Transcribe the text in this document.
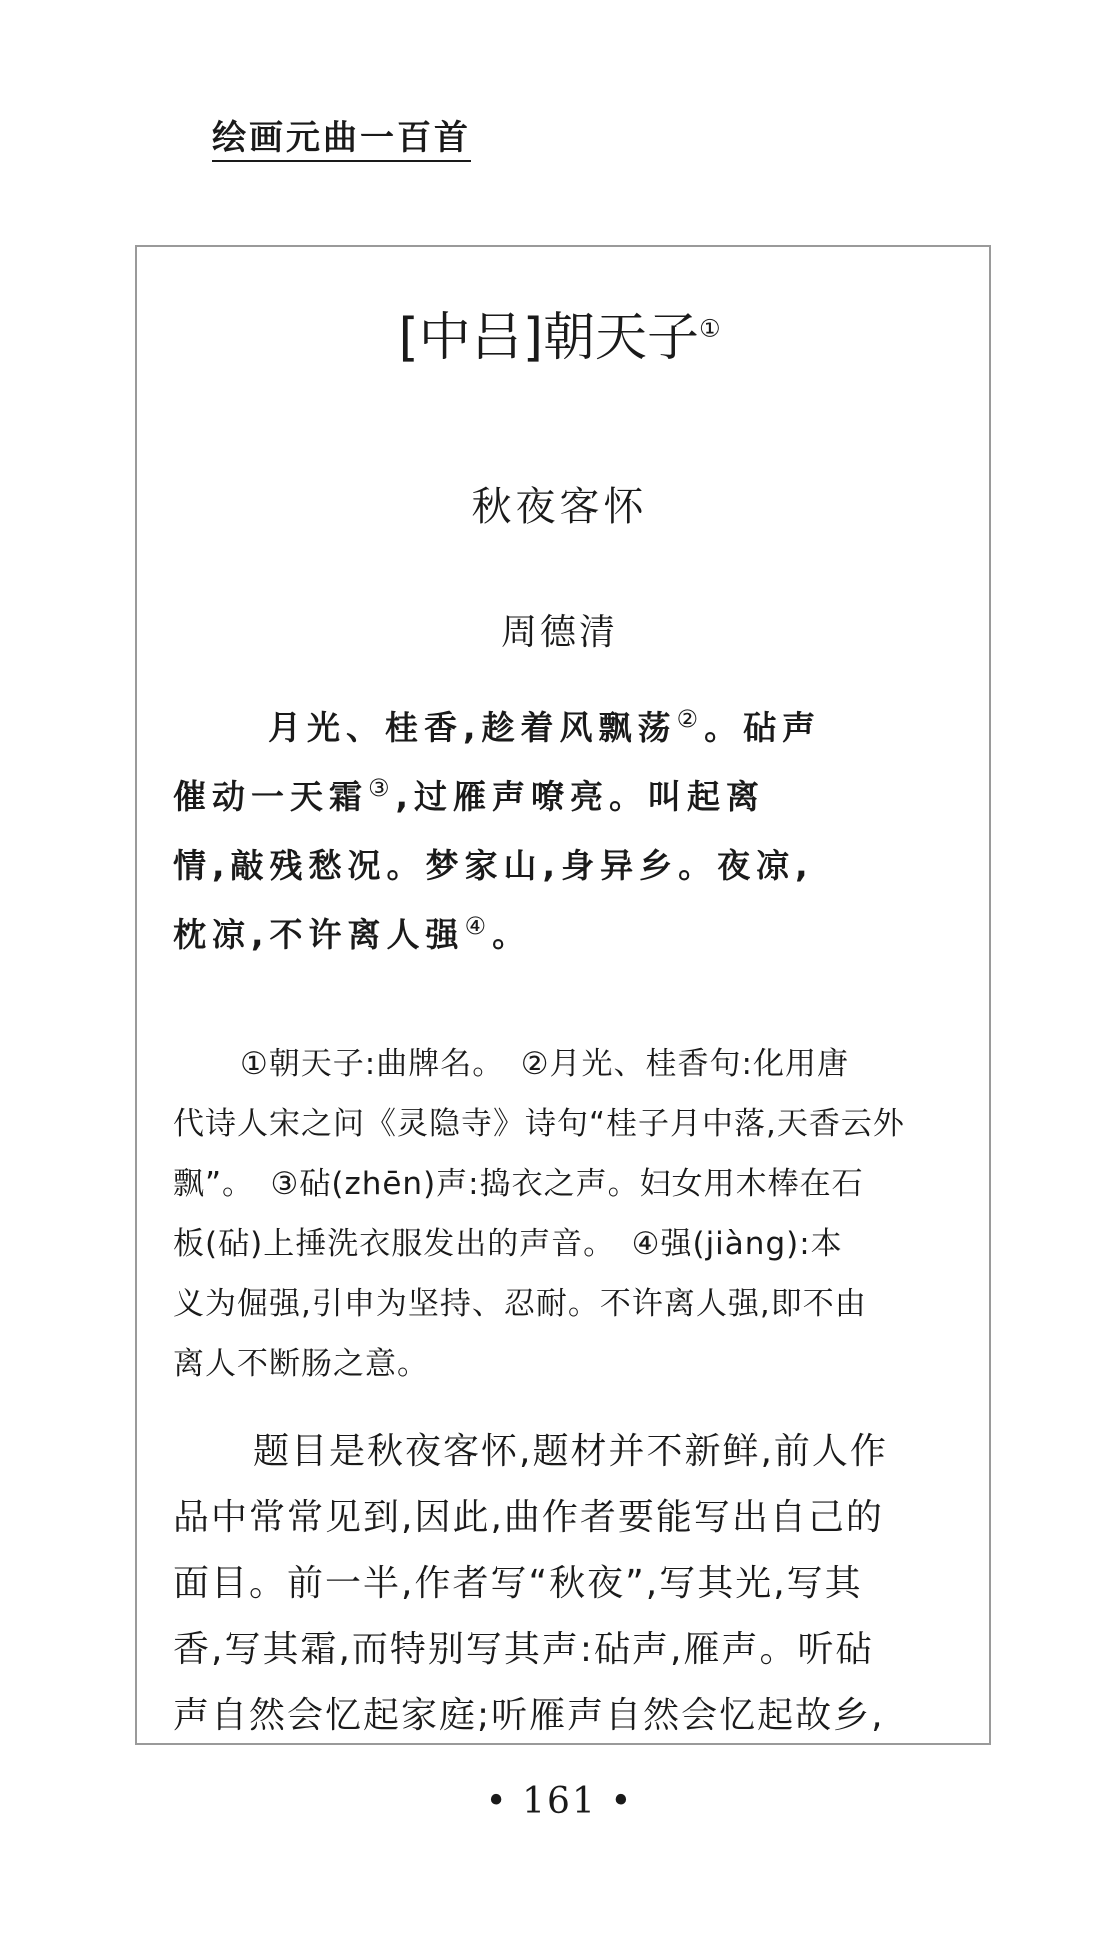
绘画元曲一百首
[中吕]朝天子①
秋夜客怀
周德清
月光、桂香,趁着风飘荡②。砧声
催动一天霜③,过雁声嘹亮。叫起离
情,敲残愁况。梦家山,身异乡。夜凉,
枕凉,不许离人强④。
①朝天子:曲牌名。　②月光、桂香句:化用唐
代诗人宋之问《灵隐寺》诗句“桂子月中落,天香云外
飘”。　③砧(zhēn)声:捣衣之声。妇女用木棒在石
板(砧)上捶洗衣服发出的声音。　④强(jiàng):本
义为倔强,引申为坚持、忍耐。不许离人强,即不由
离人不断肠之意。
题目是秋夜客怀,题材并不新鲜,前人作
品中常常见到,因此,曲作者要能写出自己的
面目。前一半,作者写“秋夜”,写其光,写其
香,写其霜,而特别写其声:砧声,雁声。听砧
声自然会忆起家庭;听雁声自然会忆起故乡,
• 161 •
